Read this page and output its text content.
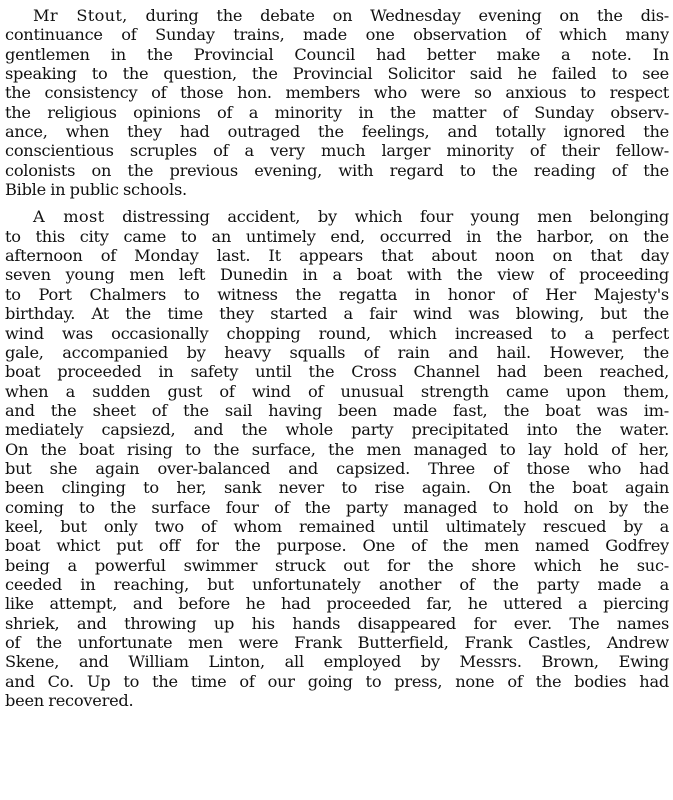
Mr Stout, during the debate on Wednesday evening on the dis-
continuance of Sunday trains, made one observation of which many
gentlemen in the Provincial Council had better make a note. In
speaking to the question, the Provincial Solicitor said he failed to see
the consistency of those hon. members who were so anxious to respect
the religious opinions of a minority in the matter of Sunday observ-
ance, when they had outraged the feelings, and totally ignored the
conscientious scruples of a very much larger minority of their fellow-
colonists on the previous evening, with regard to the reading of the
Bible in public schools.
A most distressing accident, by which four young men belonging
to this city came to an untimely end, occurred in the harbor, on the
afternoon of Monday last. It appears that about noon on that day
seven young men left Dunedin in a boat with the view of proceeding
to Port Chalmers to witness the regatta in honor of Her Majesty's
birthday. At the time they started a fair wind was blowing, but the
wind was occasionally chopping round, which increased to a perfect
gale, accompanied by heavy squalls of rain and hail. However, the
boat proceeded in safety until the Cross Channel had been reached,
when a sudden gust of wind of unusual strength came upon them,
and the sheet of the sail having been made fast, the boat was im-
mediately capsiezd, and the whole party precipitated into the water.
On the boat rising to the surface, the men managed to lay hold of her,
but she again over-balanced and capsized. Three of those who had
been clinging to her, sank never to rise again. On the boat again
coming to the surface four of the party managed to hold on by the
keel, but only two of whom remained until ultimately rescued by a
boat whict put off for the purpose. One of the men named Godfrey
being a powerful swimmer struck out for the shore which he suc-
ceeded in reaching, but unfortunately another of the party made a
like attempt, and before he had proceeded far, he uttered a piercing
shriek, and throwing up his hands disappeared for ever. The names
of the unfortunate men were Frank Butterfield, Frank Castles, Andrew
Skene, and William Linton, all employed by Messrs. Brown, Ewing
and Co. Up to the time of our going to press, none of the bodies had
been recovered.
